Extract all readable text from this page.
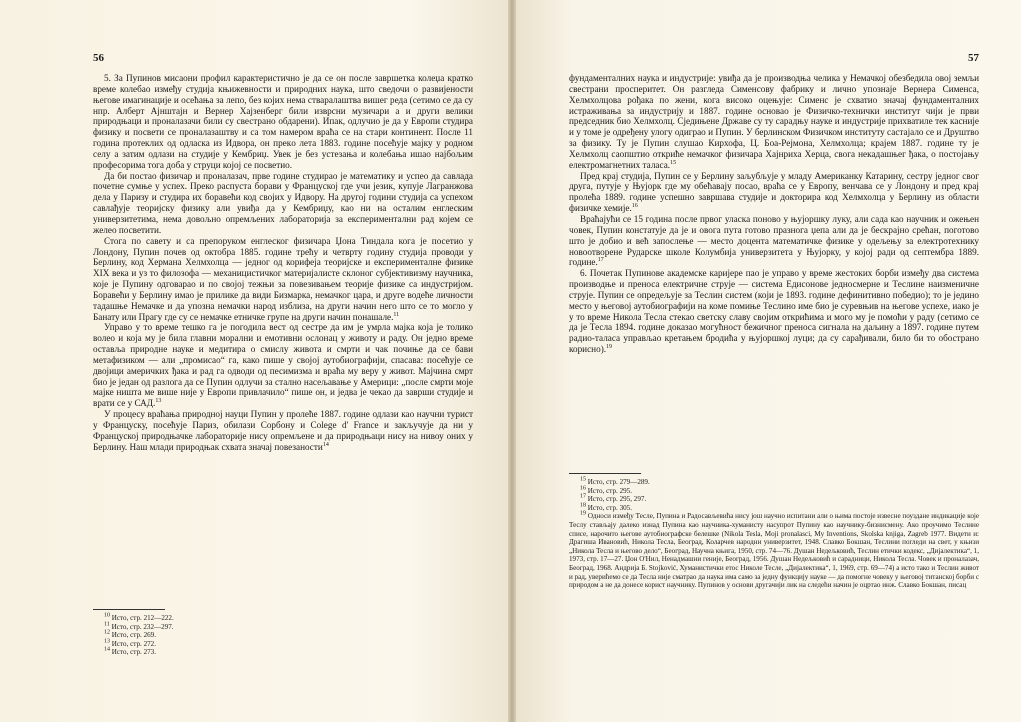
56

5. За Пупинов мисаони профил карактеристично је да се он после завршетка колеџа кратко време колебао између студија књижевности и природних наука, што сведочи о развијености његове имагинације и осећања за лепо, без којих нема стваралаштва вишег реда (сетимо се да су нпр. Алберт Ајнштајн и Вернер Хајзенберг били изврсни музичари а и други велики природњаци и проналазачи били су свестрано обдарени). Ипак, одлучио је да у Европи студира физику и посвети се проналазаштву и са том намером враћа се на стари континент. После 11 година протеклих од одласка из Идвора, он прекo лета 1883. године посећује мајку у родном селу а затим одлази на студије у Кембриџ. Увек је без устезања и колебања ишао најбољим професорима тога доба у струци којој се посветио.

Да би постао физичар и проналазач, прве године студирао је математику и успео да савлада почетне сумње у успех. Преко распуста борави у Француској где учи језик, купује Лагранжова дела у Паризу и студира их боравећи код својих у Идвору. На другој години студија са успехом савлађује теоријску физику али увиђа да у Кембриџу, као ни на осталим енглеским универзитетима, нема довољно опремљених лабораторија за експериментални рад којем се желео посветити.

Стога по савету и са препоруком енглеског физичара Џона Тиндала кога је посетио у Лондону, Пупин почев од октобра 1885. године трећу и четврту годину студија проводи у Берлину, код Хермана Хелмхолца — једног од корифеја теоријске и експерименталне физике XIX века и уз то филозофа — механицистичког материјалисте склоног субјективизму научника, које је Пупину одговарао и по својој тежњи за повезивањем теорије физике са индустријом. Боравећи у Берлину имао је прилике да види Бизмарка, немачког цара, и друге водеће личности тадашње Немачке и да упозна немачки народ изблиза, на други начин него што се то могло у Банату или Прагу где су се немачке етничке групе на други начин понашале.$^{11}$

Управо у то време тешко га је погодила вест од сестре да им је умрла мајка која је толико волео и која му је била главни морални и емотивни ослонац у животу и раду. Он једно време оставља природне науке и медитира о смислу живота и смрти и чак почиње да се бави метафизиком — али „промисао“ га, како пише у својој аутобиографији, спасава: посећује се двојици америчких ђака и рад га одводи од песимизма и враћа му веру у живот. Мајчина смрт био је један од разлога да се Пупин одлучи за стално насељавање у Америци: „после смрти моје мајке ништа ме више није у Европи привлачило“ пише он, и једва је чекао да заврши студије и врати се у САД.$^{13}$

У процесу враћања природној науци Пупин у пролеће 1887. године одлази као научни турист у Француску, посећује Париз, обилази Сорбону и Colege d' France и закључује да ни у Француској природњачке лабораторије нису опремљене и да природњаци нису на нивоу оних у Берлину. Наш млади природњак схвата значај повезаности$^{14}$

$^{10}$ Исто, стр. 212—222.

$^{11}$ Исто, стр. 232—297.

$^{12}$ Исто, стр. 269.

$^{13}$ Исто, стр. 272.

$^{14}$ Исто, стр. 273.

57

фундаменталних наука и индустрије: увиђа да је производња челика у Немачкој обезбедила овој земљи свестрани просперитет. Он разгледа Сименсову фабрику и лично упознаје Вернера Сименса, Хелмхолцова рођака по жени, кога високо оцењује: Сименс је схватио значај фундаменталних истраживања за индустрију и 1887. године основао је Физичко-технички институт чији је први председник био Хелмхолц. Сједињене Државе су ту сарадњу науке и индустрије прихватиле тек касније и у томе је одређену улогу одиграо и Пупин. У берлинском Физичком институту састајало се и Друштво за физику. Ту је Пупин слушао Кирхофа, Ц. Боа-Рејмона, Хелмхолца; крајем 1887. године ту је Хелмхолц саопштио откриће немачког физичара Хајнриха Херца, свога некадашњег ђака, о постојању електромагнетних таласа.$^{15}$

Пред крај студија, Пупин се у Берлину заљубљује у младу Американку Катарину, сестру једног свог друга, путује у Њујорк где му обећавају посао, враћа се у Европу, венчава се у Лондону и пред крај пролећа 1889. године успешно завршава студије и докторира код Хелмхолца у Берлину из области физичке хемије.$^{16}$

Враћајући се 15 година после првог уласка поново у њујоршку луку, али сада као научник и ожењен човек, Пупин констатује да је и овога пута готово празнога џепа али да је бескрајно срећан, поготово што је добио и већ запослење — место доцента математичке физике у одељењу за електротехнику новоотворене Рударске школе Колумбија универзитета у Њујорку, у којој ради од септембра 1889. године.$^{17}$

6. Почетак Пупиновe академске каријере пао је управо у време жестоких борби између два система производње и преноса електричне струје — система Едисонове једносмерне и Теслине наизменичне струје. Пупин се опредељује за Теслин систем (који је 1893. године дефинитивно победио); то је једино место у његовој аутобиографији на коме помиње Теслино име био је суревњив на његове успехе, иако је у то време Никола Тесла стекао светску славу својим открићима и мого му је помоћи у раду (сетимо се да је Тесла 1894. године доказао могућност бежичног преноса сигнала на даљину а 1897. године путем радио-таласа управљао кретањем бродића у њујоршкој луци; да су сарађивали, било би то обострано корисно).$^{19}$

$^{15}$ Исто, стр. 279—289.

$^{16}$ Исто, стр. 295.

$^{17}$ Исто, стр. 295, 297.

$^{18}$ Исто, стр. 305.

$^{19}$ Односи између Тесле, Пупина и Радосављевића нису још научно испитани али о њима постоје извесне поуздане индикације које Теслу стављају далеко изнад Пупина као научника-хуманисту насупрот Пупину као научнику-бизнисмену. Ако проучимо Теслине списе, нарочито његове аутобиографске белешке (Nikola Tesla, Moji pronalasci, My Inventions, Skolska knjiga, Zagreb 1977. Видети и: Драгиша Ивановић, Никола Тесла, Београд, Коларчев народни универзитет, 1948. Славко Бокшан, Теслини погледи на свет, у књизи „Никола Тесла и његово дело“, Београд, Научна књига, 1950, стр. 74—76. Душан Недељковић, Теслин етички кодекс, „Дијалектика“, 1, 1973, стр. 17—27. Џон О'Нил, Ненадмашни геније, Београд, 1956. Душан Недељковић и сарадници, Никола Тесла. Човек и проналазач, Београд, 1968. Андрија Б. Stojković, Хуманистички етос Николе Тесле, „Дијалектика“, 1, 1969, стр. 69—74) а исто тако и Теслин живот и рад, уверићемо се да Тесла није сматрао да наука има само за једну функцију науке — да помогне човеку у његовој титанској борби с природом а не да донесе корист научнику. Пупинов у основи другачији лик на следећи начин је оцртао инж. Славко Бокшан, писац
